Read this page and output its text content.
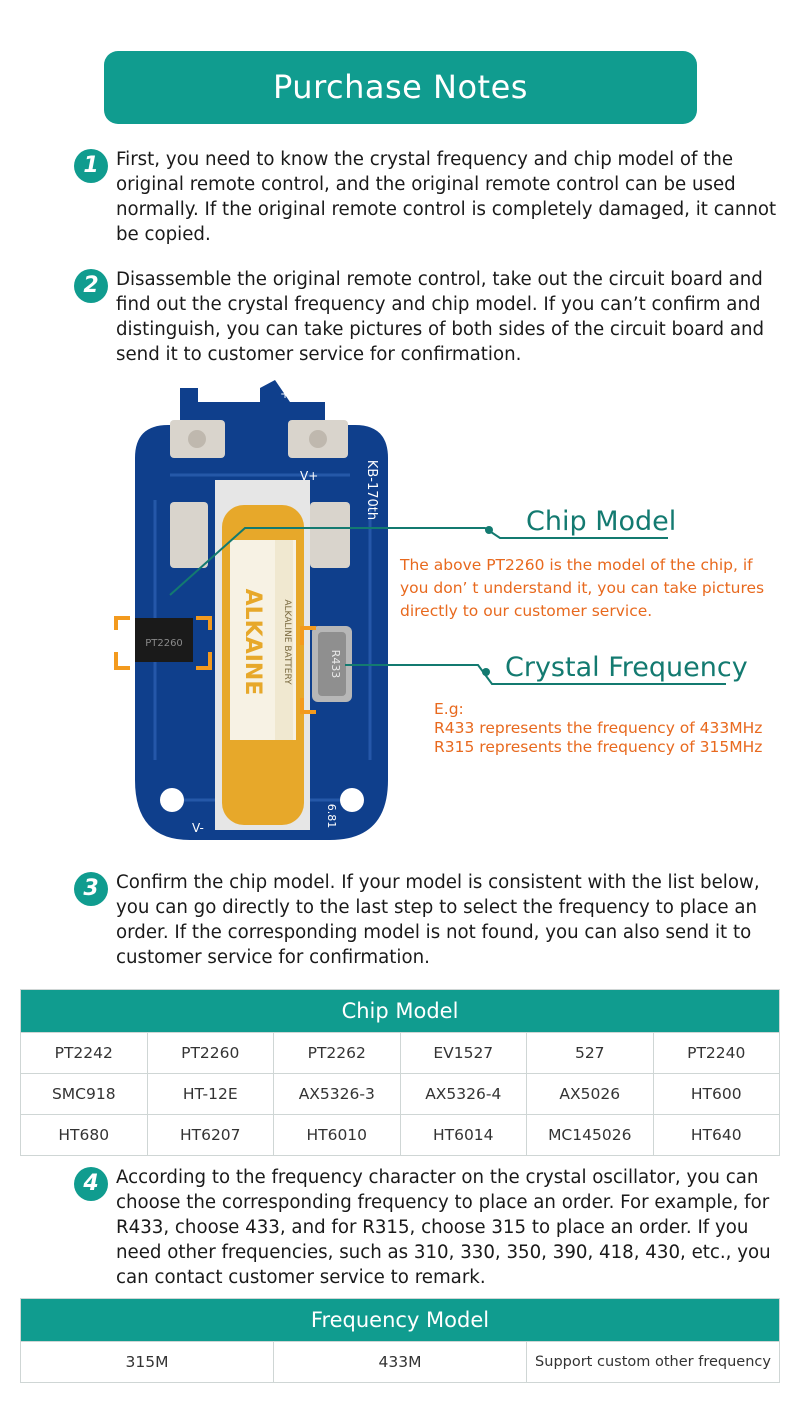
Purchase Notes
1 First, you need to know the crystal frequency and chip model of the original remote control, and the original remote control can be used normally. If the original remote control is completely damaged, it cannot be copied.
2 Disassemble the original remote control, take out the circuit board and find out the crystal frequency and chip model. If you can’t confirm and distinguish, you can take pictures of both sides of the circuit board and send it to customer service for confirmation.
ALKAINE ALKALINE BATTERY
PT2260
R433
LED	+
V+
V-
KB-170th
6.81
Chip Model
The above PT2260 is the model of the chip, if
you don’ t understand it, you can take pictures
directly to our customer service.
Crystal Frequency
E.g:
R433 represents the frequency of 433MHz
R315 represents the frequency of 315MHz
3 Confirm the chip model. If your model is consistent with the list below, you can go directly to the last step to select the frequency to place an order. If the corresponding model is not found, you can also send it to customer service for confirmation.
Chip Model
PT2242	PT2260	PT2262	EV1527	527	PT2240
SMC918	HT-12E	AX5326-3	AX5326-4	AX5026	HT600
HT680	HT6207	HT6010	HT6014	MC145026	HT640
4 According to the frequency character on the crystal oscillator, you can choose the corresponding frequency to place an order. For example, for R433, choose 433, and for R315, choose 315 to place an order. If you need other frequencies, such as 310, 330, 350, 390, 418, 430, etc., you can contact customer service to remark.
Frequency Model
315M	433M	Support custom other frequency
